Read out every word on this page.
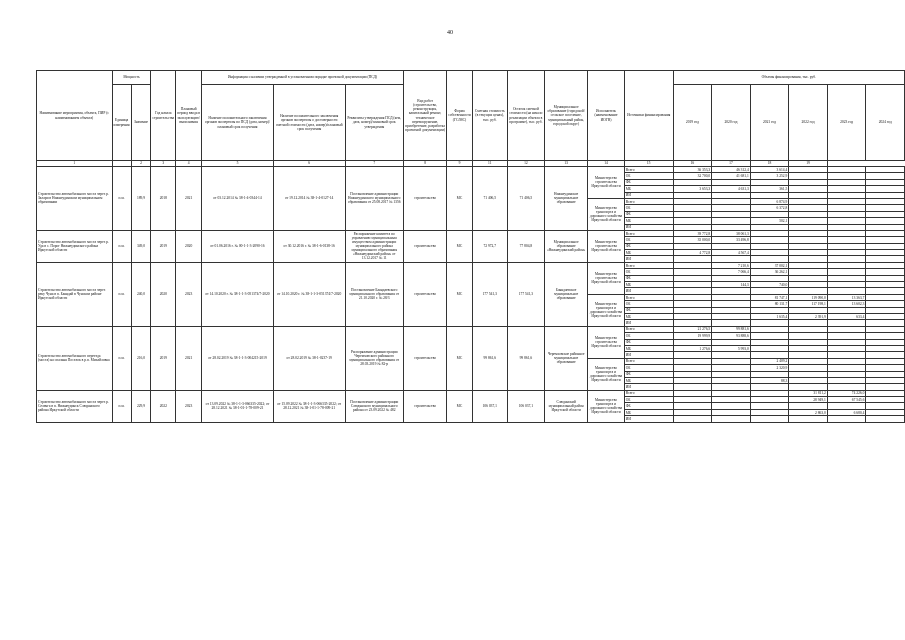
40
Наименование мероприятия, объекта, ПИР (с наименованием объекта)	Мощность		Год начала строительства	Плановый период ввода в эксплуатацию/выполнения	Информация о наличии утвержденной в установленном порядке проектной документации (ПСД)			Вид работ (строительство, реконструкция, капитальный ремонт, техническое перевооружение, приобретение, разработка проектной документации)	Форма собственности (ГС/МС)	Сметная стоимость (в текущих ценах), тыс. руб.	Остаток сметной стоимости (на начало реализации объекта в программе), тыс. руб.	Муниципальное образование (городской/сельское поселение, муниципальный район, городской округ)	Исполнитель (наименование ИОГВ)	Источники финансирования	Объемы финансирования, тыс. руб.					
	Единица измерения	Значение			Наличие положительного заключения органов экспертизы по ПСД (дата, номер)/плановый срок получения	Наличие положительного заключения органов экспертизы о достоверности сметной стоимости (дата, номер)/плановый срок получения	Реквизиты утверждения ПСД (кем, дата, номер)/плановый срок утверждения								2019 год	2020 год	2021 год	2022 год	2023 год	2024 год
1		2	3	4	5	6	7	8	9	11	12	13	14	15	16	17	18	19		
Строительство автомобильного моста через р. Залари в Нижнеудинском муниципальном образовании	п.м.	189,9	2018	2021	от 03.12.2014 № 38-1-4-0344-14	от 19.12.2014 № 38-1-4-0127-14	Постановление администрации Нижнеудинского муниципального образования от 25.08.2017 № 1356	строительство	МС	71 406,5	71 406,5	Нижнеудинское муниципальное образование	Министерство строительства Иркутской области	Всего	36 353,3	46 312,4	3 614,4			
														ОБ	32 700,0	41 681,1	3 252,9			
														ФБ						
														МБ	3 653,3	4 631,3	361,5			
														ИИ						
													Министерство транспорта и дорожного хозяйства Иркутской области	Всего			6 874,9			
														ОБ			6 372,8			
														ФБ						
														МБ			502,1			
														ИИ						
Строительство автомобильного моста через р. Уда в с. Порог Нижнеудинского района Иркутской области	п.м.	349,0	2019	2020	от 01.06.2016 г. № 00-1-1-3-2090-16	от 30.12.2016 г. № 38-1-6-0138-16	Распоряжение комитета по управлению муниципальным имуществом администрации муниципального района муниципального образования «Нижнеудинский район» от 13.12.2017 № 11	строительство	МС	72 972,7	77 804,8	Муниципальное образование «Нижнеудинский район»	Министерство строительства Иркутской области	Всего	39 772,8	38 061,3				
														ОБ	35 000,0	33 496,8				
														ФБ						
														МБ	4 772,8	4 567,4				
														ИИ						
Строительство автомобильного моста через реку Чуна в п. Баяндай в Чунском районе Иркутской области	п.м.	240,0	2020	2023	от 14.10.2020 г. № 38-1-1-3-051374/7-2020	от 14.10.2020 г. № 38-1-1-3-051374/7-2020	Постановление Баяндаевского муниципального образования от 21.10.2020 г. № 28/3	строительство	МС	177 541,3	177 541,3	Баяндаевское муниципальное образование	Министерство строительства Иркутской области	Всего		7 210,6	37 002,1			
														ОБ		7 066,4	36 262,1			
														ФБ						
														МБ		144,3	740,0			
														ИИ						
													Министерство транспорта и дорожного хозяйства Иркутской области	Всего			81 747,1	119 090,0	13 363,7	
														ОБ			80 131,7	117 198,1	13 602,3	
														ФБ						
														МБ			1 635,4	2 391,9	633,4	
														ИИ						
Строительство автомобильного переезда (моста) на спальня Поселок в р.п. Михайловка	п.м.	216,0	2019	2021	от 28.02.2019 № 38-1-1-3-004215-2019	от 28.02.2019 № 38-1-0237-19	Распоряжение администрации Черемховского районного муниципального образования от 28.03.2019 № 82-р	строительство	МС	99 861,6	99 861,6	Черемховское районное муниципальное образование	Министерство строительства Иркутской области	Всего	21 276,5	99 881,6				
														ОБ	19 999,9	93 888,6				
														ФБ						
														МБ	1 276,6	5 993,0				
														ИИ						
													Министерство транспорта и дорожного хозяйства Иркутской области	Всего			2 409,2			
														ОБ			2 320,9			
														ФБ						
														МБ			88,3			
														ИИ						
Строительство автомобильного моста через р. Селенга в п. Нижнеудинск Слюдянского района Иркутской области	п.м.	229,9	2022	2023	от 13.09.2022 № 38-1-1-3-066335-2022; от 28.12.2021 № 38-1-01-1-78-009-21	от 15.09.2022 № 38-1-1-3-066335-2022; от 28.12.2021 № 38-1-01-1-78-009-21	Постановление администрации Слюдянского муниципального района от 23.09.2022 № 482	строительство	МС	106 037,1	106 037,1	Слюдянский муниципальный район Иркутской области	Министерство транспорта и дорожного хозяйства Иркутской области	Всего				31 811,2	74 226,0	
														ОБ				28 949,1	67 545,6	
														ФБ						
														МБ				2 863,0	6 680,4	
														ИИ						
